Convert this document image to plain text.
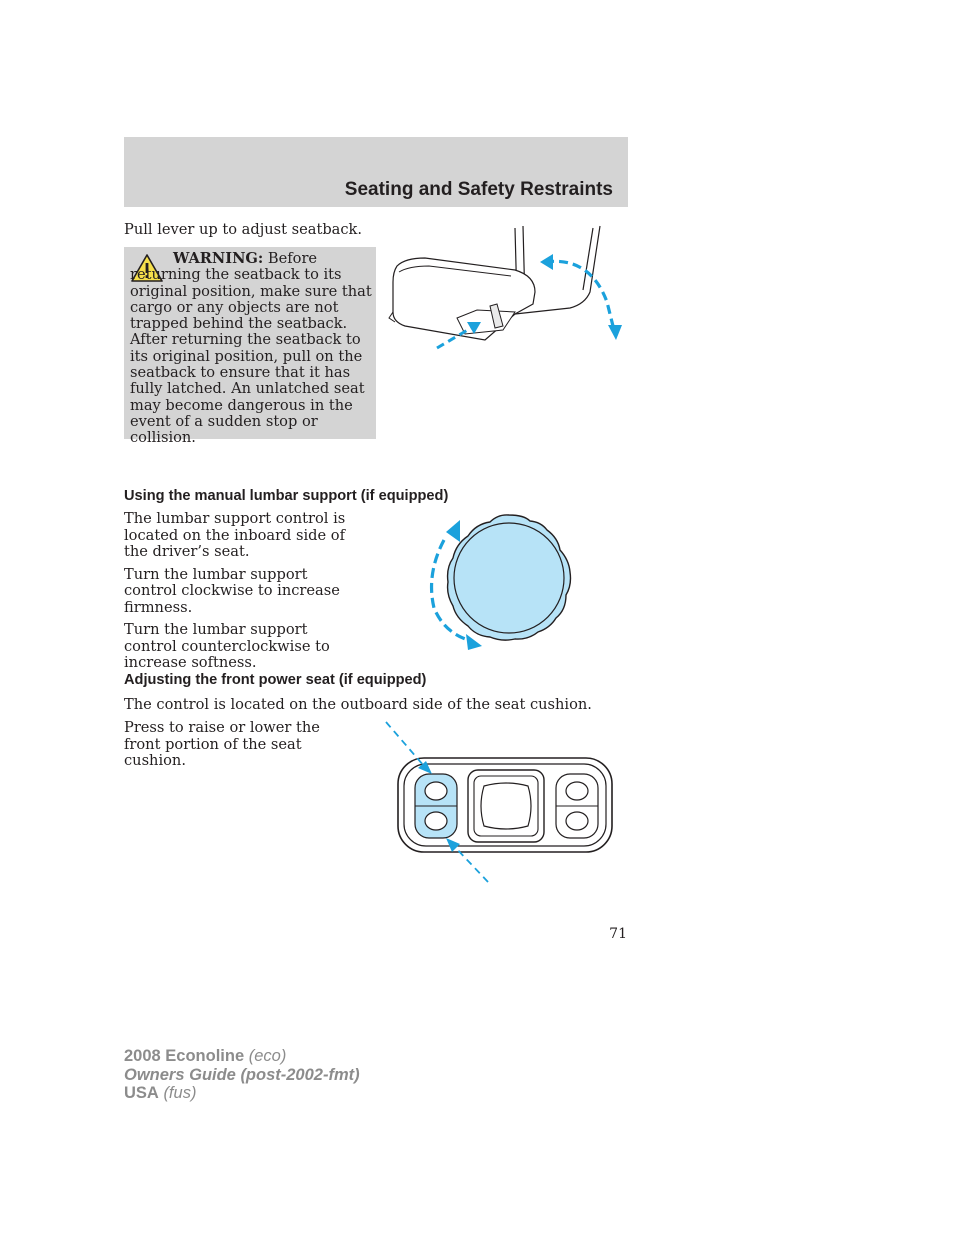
Seating and Safety Restraints
Pull lever up to adjust seatback.
WARNING: Before returning the seatback to its original position, make sure that cargo or any objects are not trapped behind the seatback. After returning the seatback to its original position, pull on the seatback to ensure that it has fully latched. An unlatched seat may become dangerous in the event of a sudden stop or collision.
Using the manual lumbar support (if equipped)

The lumbar support control is located on the inboard side of the driver’s seat.

Turn the lumbar support control clockwise to increase firmness.

Turn the lumbar support control counterclockwise to increase softness.

Adjusting the front power seat (if equipped)
The control is located on the outboard side of the seat cushion.
Press to raise or lower the front portion of the seat cushion.
71
2008 Econoline (eco)
Owners Guide (post-2002-fmt)
USA (fus)
